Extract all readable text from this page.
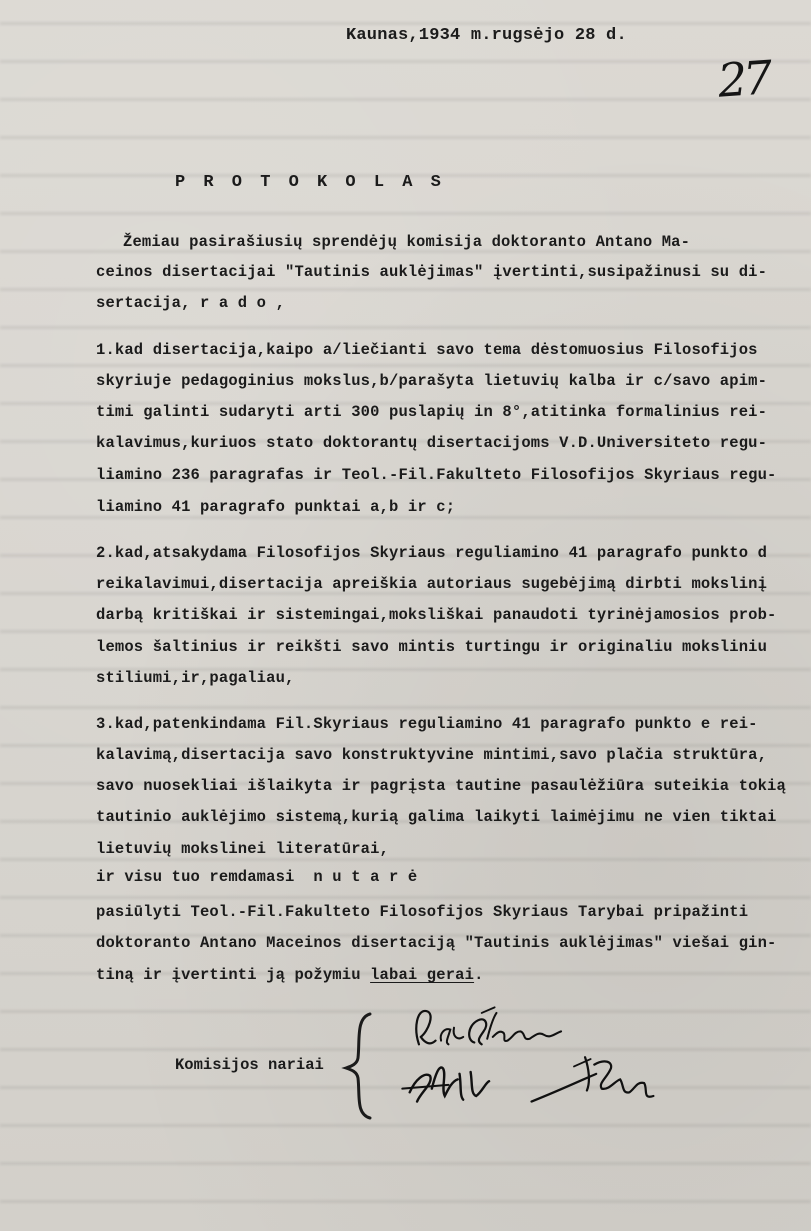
Kaunas,1934 m.rugsėjo 28 d.
27
P R O T O K O L A S
Žemiau pasirašiusių sprendėjų komisija doktoranto Antano Ma-
ceinos disertacijai "Tautinis auklėjimas" įvertinti,susipažinusi su di-
sertacija, r a d o ,
1.kad disertacija,kaipo a/liečianti savo tema dėstomuosius Filosofijos
skyriuje pedagoginius mokslus,b/parašyta lietuvių kalba ir c/savo apim-
timi galinti sudaryti arti 300 puslapių in 8°,atitinka formalinius rei-
kalavimus,kuriuos stato doktorantų disertacijoms V.D.Universiteto regu-
liamino 236 paragrafas ir Teol.-Fil.Fakulteto Filosofijos Skyriaus regu-
liamino 41 paragrafo punktai a,b ir c;
2.kad,atsakydama Filosofijos Skyriaus reguliamino 41 paragrafo punkto d
reikalavimui,disertacija apreiškia autoriaus sugebėjimą dirbti mokslinį
darbą kritiškai ir sistemingai,moksliškai panaudoti tyrinėjamosios prob-
lemos šaltinius ir reikšti savo mintis turtingu ir originaliu moksliniu
stiliumi,ir,pagaliau,
3.kad,patenkindama Fil.Skyriaus reguliamino 41 paragrafo punkto e rei-
kalavimą,disertacija savo konstruktyvine mintimi,savo plačia struktūra,
savo nuosekliai išlaikyta ir pagrįsta tautine pasaulėžiūra suteikia tokią
tautinio auklėjimo sistemą,kurią galima laikyti laimėjimu ne vien tiktai
lietuvių mokslinei literatūrai,
ir visu tuo remdamasi  n u t a r ė
pasiūlyti Teol.-Fil.Fakulteto Filosofijos Skyriaus Tarybai pripažinti
doktoranto Antano Maceinos disertaciją "Tautinis auklėjimas" viešai gin-
tiną ir įvertinti ją požymiu labai gerai.
Komisijos nariai
